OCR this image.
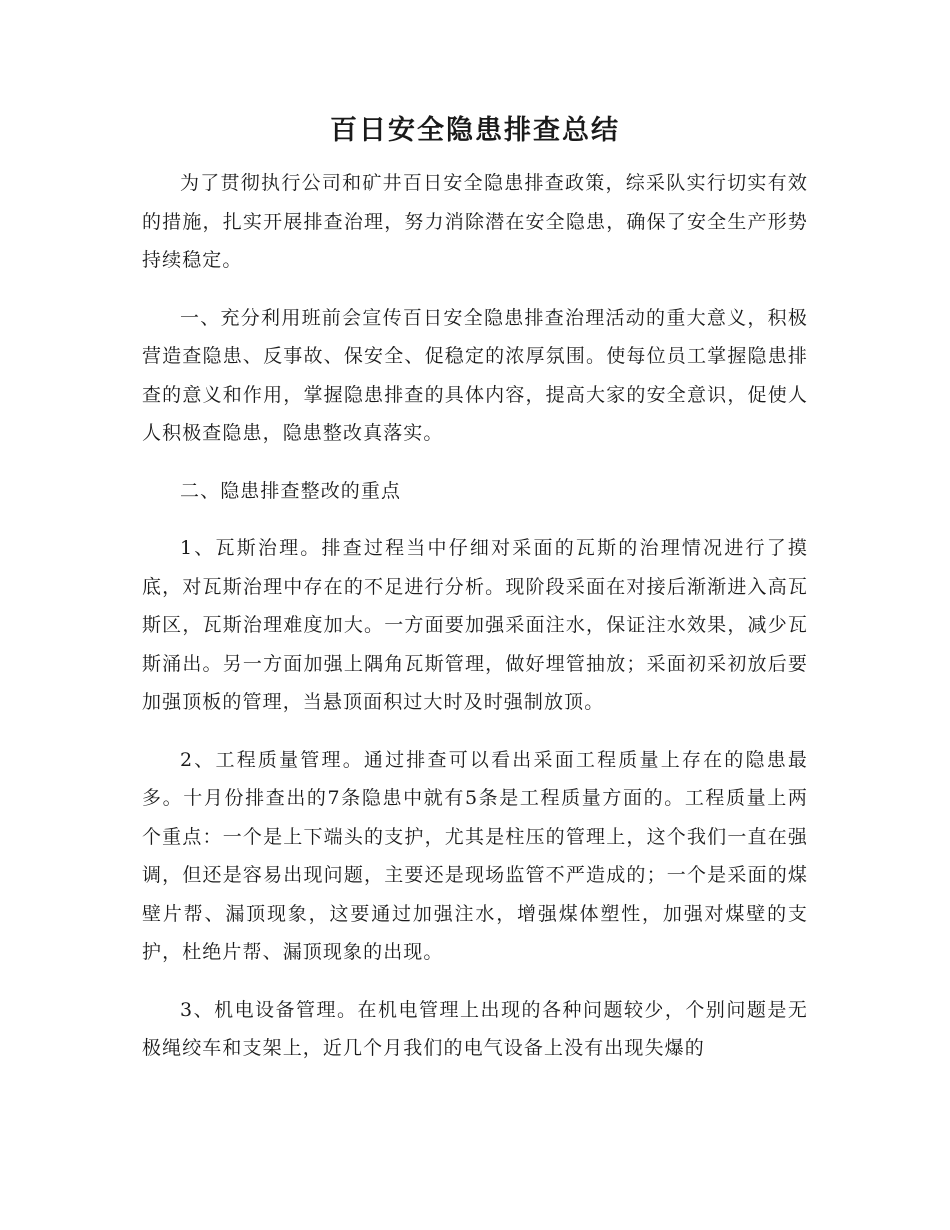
百日安全隐患排查总结

为了贯彻执行公司和矿井百日安全隐患排查政策，综采队实行切实有效的措施，扎实开展排查治理，努力消除潜在安全隐患，确保了安全生产形势持续稳定。

一、充分利用班前会宣传百日安全隐患排查治理活动的重大意义，积极营造查隐患、反事故、保安全、促稳定的浓厚氛围。使每位员工掌握隐患排查的意义和作用，掌握隐患排查的具体内容，提高大家的安全意识，促使人人积极查隐患，隐患整改真落实。

二、隐患排查整改的重点

1、瓦斯治理。排查过程当中仔细对采面的瓦斯的治理情况进行了摸底，对瓦斯治理中存在的不足进行分析。现阶段采面在对接后渐渐进入高瓦斯区，瓦斯治理难度加大。一方面要加强采面注水，保证注水效果，减少瓦斯涌出。另一方面加强上隅角瓦斯管理，做好埋管抽放；采面初采初放后要加强顶板的管理，当悬顶面积过大时及时强制放顶。

2、工程质量管理。通过排查可以看出采面工程质量上存在的隐患最多。十月份排查出的7条隐患中就有5条是工程质量方面的。工程质量上两个重点：一个是上下端头的支护，尤其是柱压的管理上，这个我们一直在强调，但还是容易出现问题，主要还是现场监管不严造成的；一个是采面的煤壁片帮、漏顶现象，这要通过加强注水，增强煤体塑性，加强对煤壁的支护，杜绝片帮、漏顶现象的出现。

3、机电设备管理。在机电管理上出现的各种问题较少，个别问题是无极绳绞车和支架上，近几个月我们的电气设备上没有出现失爆的
